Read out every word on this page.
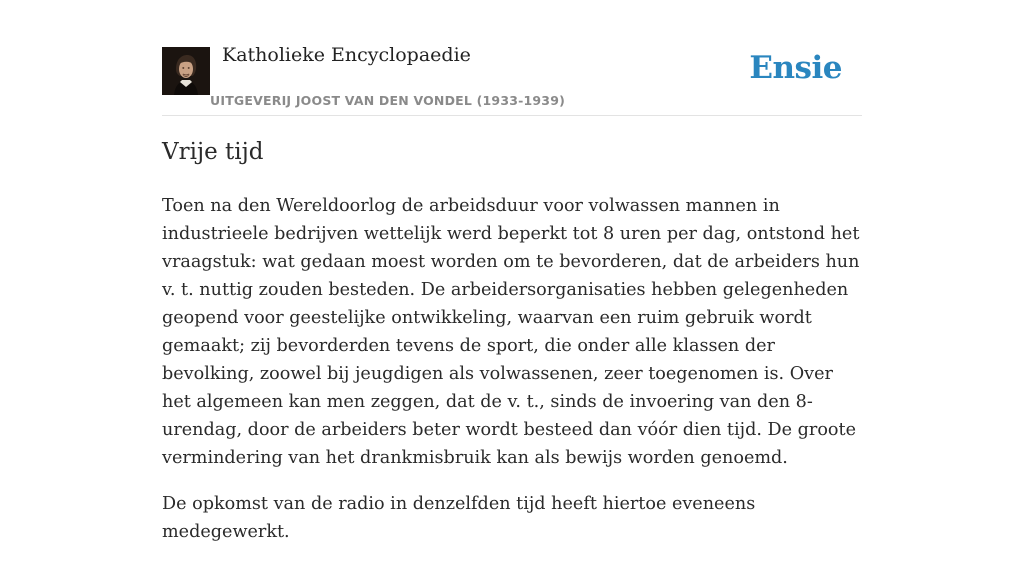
Katholieke Encyclopaedie
UITGEVERIJ JOOST VAN DEN VONDEL (1933-1939)
Ensie
Vrije tijd

Toen na den Wereldoorlog de arbeidsduur voor volwassen mannen in industrieele bedrijven wettelijk werd beperkt tot 8 uren per dag, ontstond het vraagstuk: wat gedaan moest worden om te bevorderen, dat de arbeiders hun v. t. nuttig zouden besteden. De arbeidersorganisaties hebben gelegenheden geopend voor geestelijke ontwikkeling, waarvan een ruim gebruik wordt gemaakt; zij bevorderden tevens de sport, die onder alle klassen der bevolking, zoowel bij jeugdigen als volwassenen, zeer toegenomen is. Over het algemeen kan men zeggen, dat de v. t., sinds de invoering van den 8-urendag, door de arbeiders beter wordt besteed dan vóór dien tijd. De groote vermindering van het drankmisbruik kan als bewijs worden genoemd.

De opkomst van de radio in denzelfden tijd heeft hiertoe eveneens medegewerkt.
